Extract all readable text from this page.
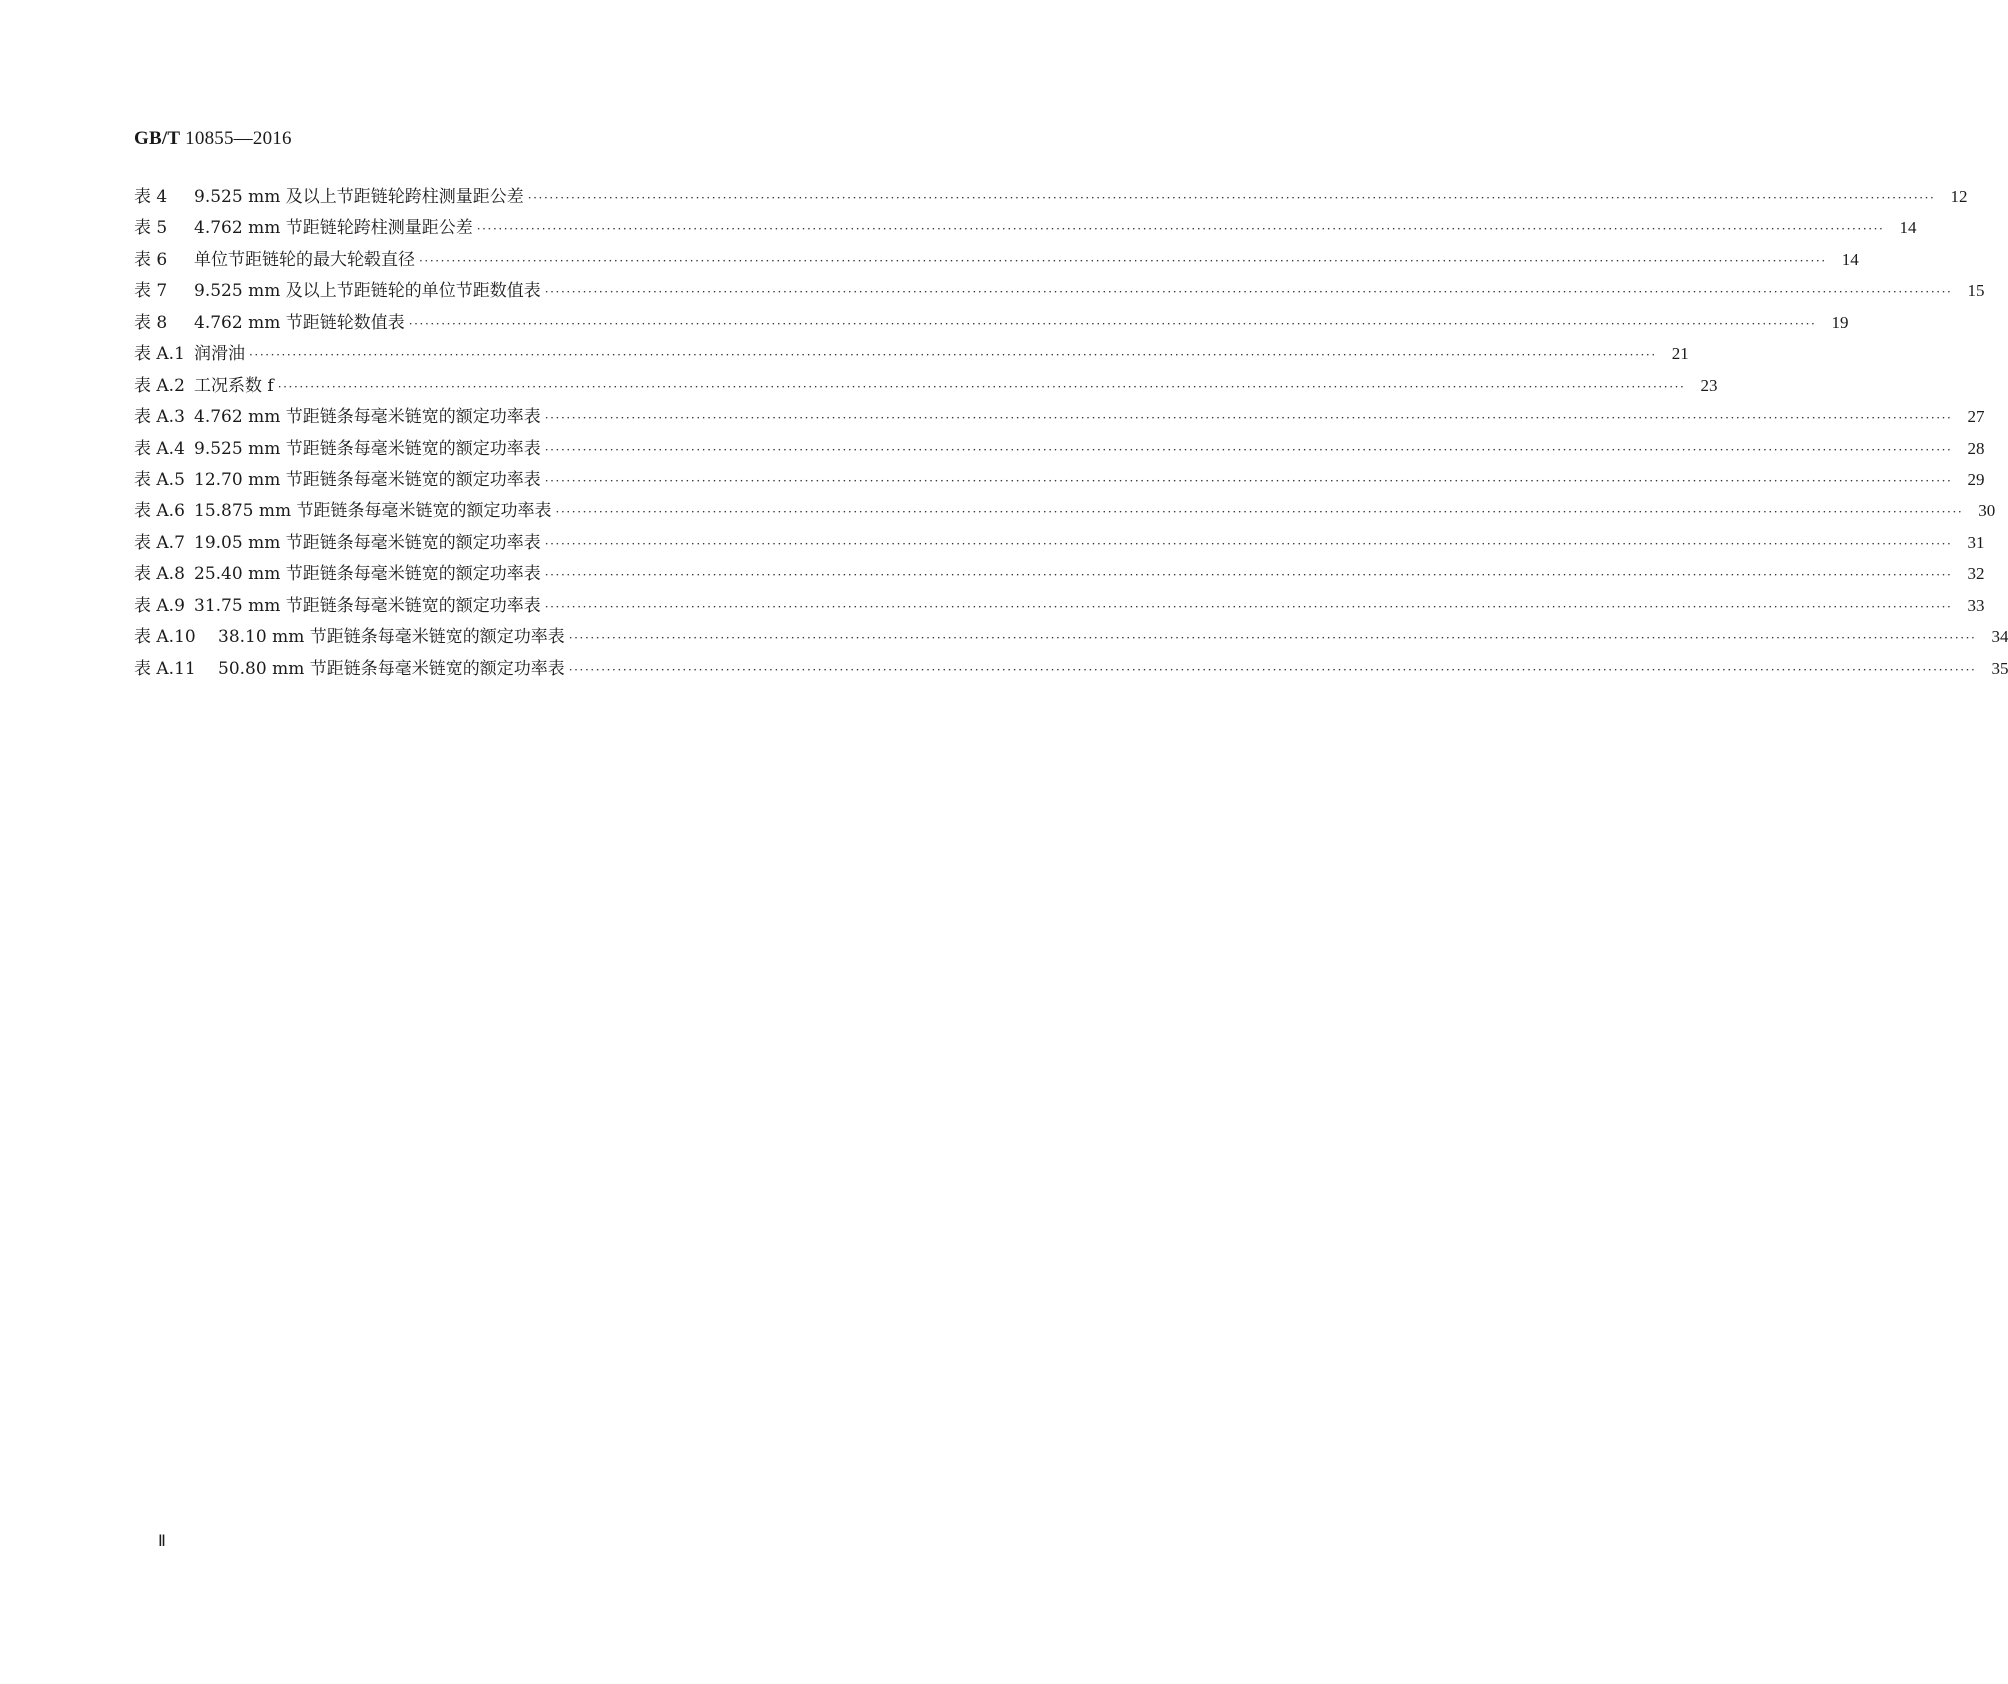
GB/T 10855—2016
表 4	9.525 mm 及以上节距链轮跨柱测量距公差 ···································································································································································································································································· 12
表 5	4.762 mm 节距链轮跨柱测量距公差 ···································································································································································································································································· 14
表 6	单位节距链轮的最大轮毂直径 ···································································································································································································································································· 14
表 7	9.525 mm 及以上节距链轮的单位节距数值表 ···································································································································································································································································· 15
表 8	4.762 mm 节距链轮数值表 ···································································································································································································································································· 19
表 A.1 润滑油 ···································································································································································································································································· 21
表 A.2 工况系数 f ···································································································································································································································································· 23
表 A.3 4.762 mm 节距链条每毫米链宽的额定功率表 ···································································································································································································································································· 27
表 A.4 9.525 mm 节距链条每毫米链宽的额定功率表 ···································································································································································································································································· 28
表 A.5 12.70 mm 节距链条每毫米链宽的额定功率表 ···································································································································································································································································· 29
表 A.6 15.875 mm 节距链条每毫米链宽的额定功率表 ···································································································································································································································································· 30
表 A.7 19.05 mm 节距链条每毫米链宽的额定功率表 ···································································································································································································································································· 31
表 A.8 25.40 mm 节距链条每毫米链宽的额定功率表 ···································································································································································································································································· 32
表 A.9 31.75 mm 节距链条每毫米链宽的额定功率表 ···································································································································································································································································· 33
表 A.10	38.10 mm 节距链条每毫米链宽的额定功率表 ···································································································································································································································································· 34
表 A.11	50.80 mm 节距链条每毫米链宽的额定功率表 ···································································································································································································································································· 35
Ⅱ
